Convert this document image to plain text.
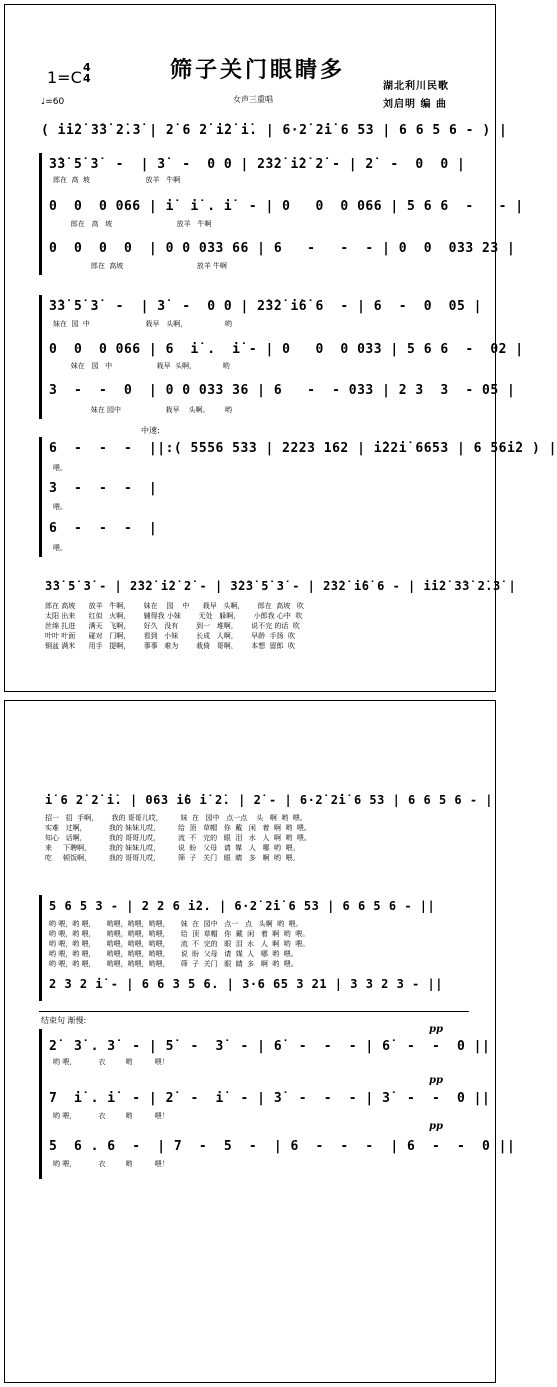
筛子关门眼睛多
女声三重唱
1=C
4
4
♩=60
湖北利川民歌
刘启明 编 曲
( i̇i̇2̇ 3̇3̇ 2̇.3̇ | 2̇ 6 2̇ i̇2̇ i̇. | 6·2̇ 2̇i̇ 6 53 | 6 6 5 6 - ) |
3̇3̇ 5̇ 3̇  -  | 3̇  -  0 0 | 2̇3̇2̇ i̇2̇ 2̇ - | 2̇  -  0  0 |
郎在  高  坡                         放羊   牛啊
0  0  0 066 | i̇  i̇ . i̇  - | 0   0  0 066 | 5 6 6  -   - |
郎在   高   坡                             放羊   牛啊
0  0  0  0  | 0 0 033 66 | 6   -   -  - | 0  0  033 23 |
郎在  高坡                                 放羊 牛啊
3̇3̇ 5̇ 3̇  -  | 3̇  -  0 0 | 2̇3̇2̇ i̇6̇ 6  - | 6  -  0  05 |
妹在  园  中                         栽早   头啊，                 哟
0  0  0 066 | 6  i̇ .  i̇ - | 0   0  0 033 | 5 6 6  -  02 |
妹在   园   中                    栽早  头啊，            哟
3  -  -  0  | 0 0 033 36 | 6   -  - 033 | 2 3  3  - 05 |
妹在 园中                    栽早    头啊。       哟
中速:
6  -  -  -  ||:( 5556 533 | 2223 162 | i̇22i̇ 6653 | 6 56i̇2 ) |
喂。
3  -  -  -  |
喂。
6  -  -  -  |
喂。
3̇3̇ 5̇ 3̇ - | 2̇3̇2̇ i̇2̇ 2̇ - | 3̇2̇3̇ 5̇ 3̇ - | 2̇3̇2̇ i̇6̇ 6 - | i̇i̇2̇ 3̇3̇ 2̇.3̇ |
郎在 高坡      放羊   牛啊，      妹在    园    中      栽早   头啊，      郎在  高坡   吹
太阳 出来      红似   火啊，      辅得我 小妹        无处   躲啊，      小郎我 心中  吹
丝绵 扎进      满天   飞啊，      好久   没有        到一   堆啊，      说不完 的话  吹
叶叶 叶面      碰对   门啊，      看到   小妹        长成   人啊，      早龄  手扬  吹
铜盆 满米      用手   提啊，      事事   难为        栽倚   哥啊，      本想  留郎  吹
i̇ 6 2̇ 2̇ i̇. | 063 i̇6 i̇ 2̇. | 2̇ - | 6·2̇ 2̇i̇ 6 53 | 6 6 5 6 - |
招一   招  手啊，      我的 哥哥儿哎，        妹  在   园中   点一点    头   啊  哟  喂。
实难   过啊，          我的 妹妹儿哎，        给  顶   草帽   你  戴   闲   着  啊  哟  喂。
知心   话啊，          我的 哥哥儿哎，        流  不   完的   眼  泪   水   人  啊  哟  喂。
来     下聘啊，        我的 妹妹儿哎，        说  盼   父母   请  媒   人   哪  哟  喂。
吃     顿饭啊，        我的 哥哥儿哎，        筛  子   关门   眼  睛   多   啊  哟  喂。
5 6 5 3 - | 2 2 6 i̇2. | 6·2̇ 2̇i̇ 6 53 | 6 6 5 6 - ||
哟 喂，哟 喂，     哟喂，哟喂，哟喂，     妹  在  园中   点一   点   头啊  哟  喂。
哟 喂，哟 喂，     哟喂，哟喂，哟喂，     给  顶  草帽   你  戴  闲   着  啊  哟  喂。
哟 喂，哟 喂，     哟喂，哟喂，哟喂，     流  不  完的   眼  泪  水   人  啊  哟  喂。
哟 喂，哟 喂，     哟喂，哟喂，哟喂，     说  盼  父母   请  媒  人   哪  哟  喂。
哟 喂，哟 喂，     哟喂，哟喂，哟喂，     筛  子  关门   眼  睛  多   啊  哟  喂。
2 3 2 i̇ - | 6 6 3 5 6. | 3·6 65 3 21 | 3 3 2 3 - ||
结束句 渐慢:
pp
2̇  3̇ . 3̇  - | 5̇  -  3̇  - | 6̇  -  -  - | 6̇  -  -  0 ||
哟 喂，          衣         哟          喂！
pp
7  i̇ . i̇  - | 2̇  -  i̇  - | 3̇  -  -  - | 3̇  -  -  0 ||
哟 喂，          衣         哟          喂！
pp
5  6 . 6  -  | 7  -  5  -  | 6  -  -  -  | 6  -  -  0 ||
哟 喂，          衣         哟          喂！
